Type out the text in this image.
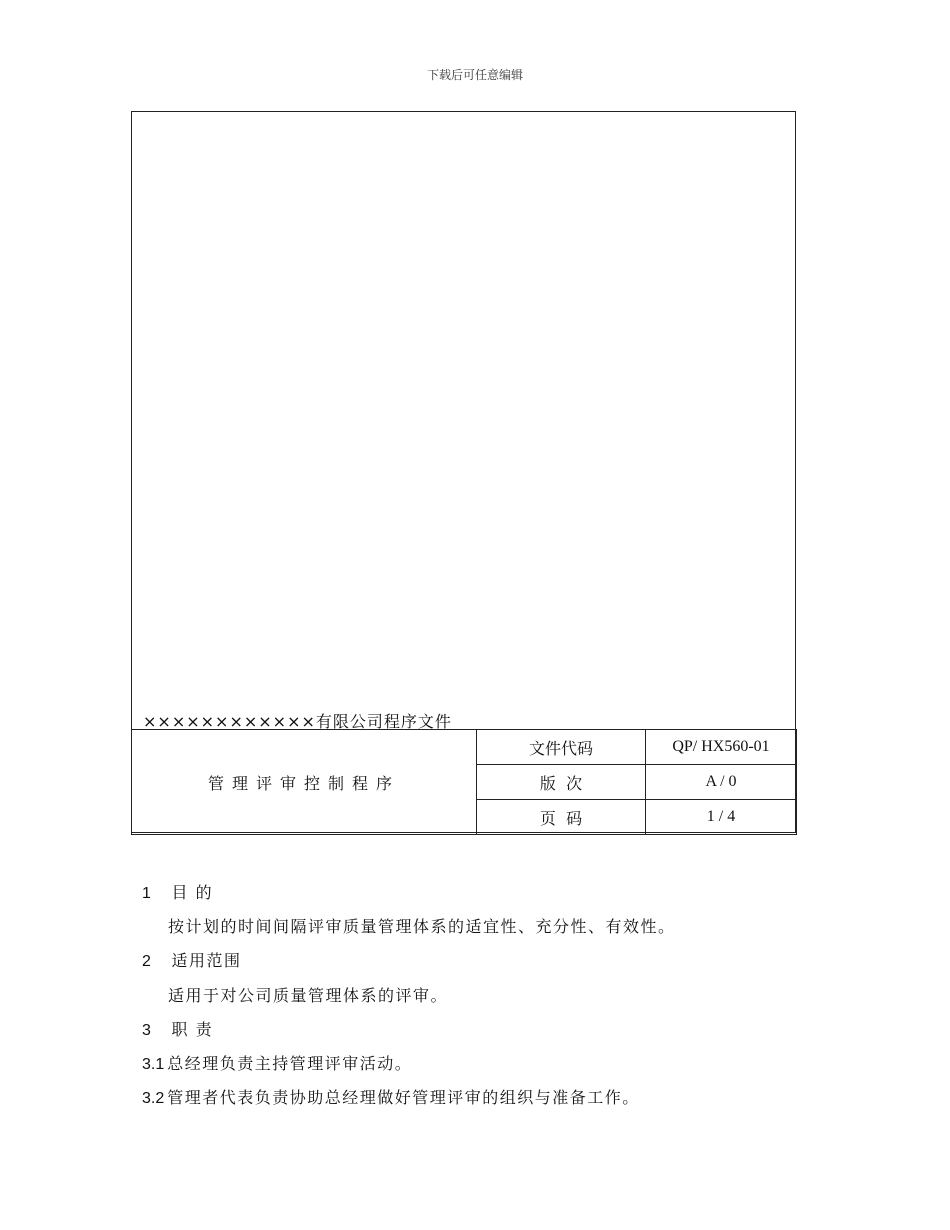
下载后可任意编辑
××××××××××××有限公司程序文件
管理评审控制程序	文件代码	QP/ HX560-01
	版  次	A / 0
	页  码	1 / 4
1 目 的
按计划的时间间隔评审质量管理体系的适宜性、充分性、有效性。
2 适用范围
适用于对公司质量管理体系的评审。
3 职 责
3.1 总经理负责主持管理评审活动。
3.2 管理者代表负责协助总经理做好管理评审的组织与准备工作。
